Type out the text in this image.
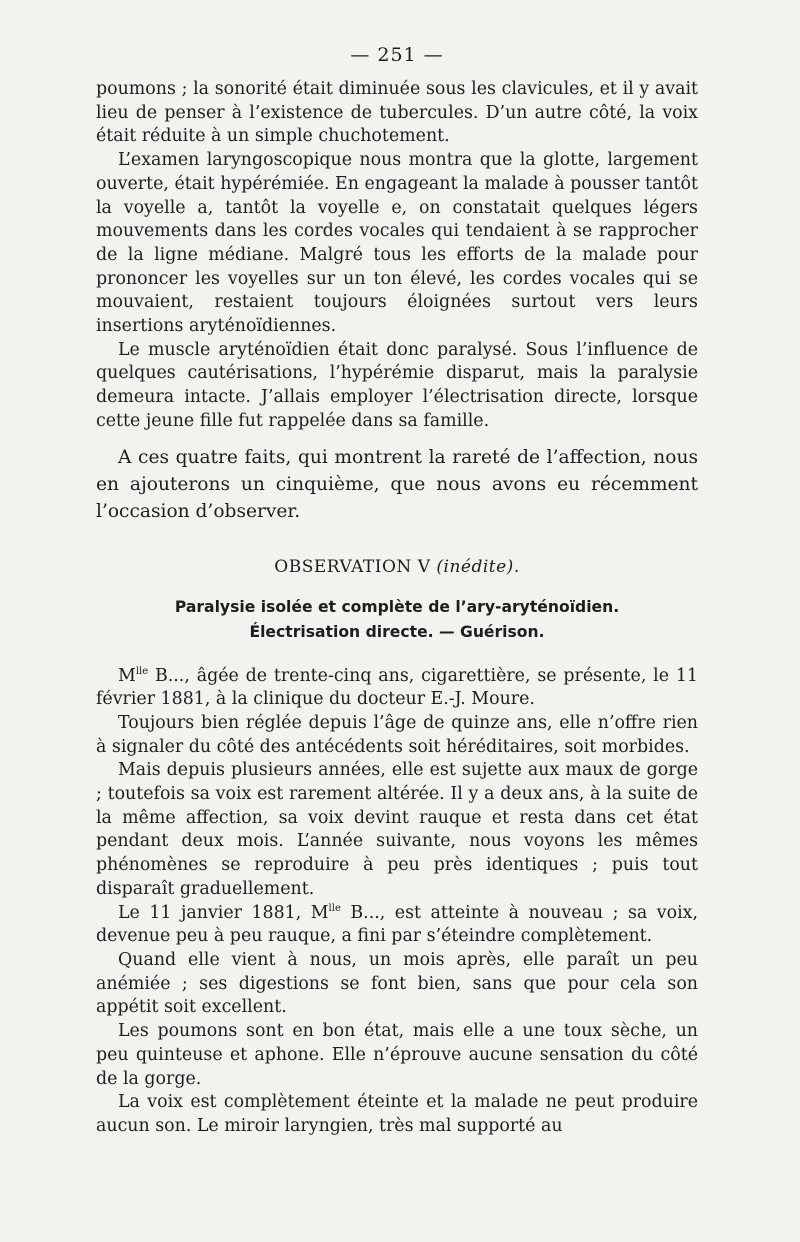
— 251 —

poumons ; la sonorité était diminuée sous les clavicules, et il y avait lieu de penser à l’existence de tubercules. D’un autre côté, la voix était réduite à un simple chuchotement.

L’examen laryngoscopique nous montra que la glotte, largement ouverte, était hypérémiée. En engageant la malade à pousser tantôt la voyelle a, tantôt la voyelle e, on constatait quelques légers mouvements dans les cordes vocales qui tendaient à se rapprocher de la ligne médiane. Malgré tous les efforts de la malade pour prononcer les voyelles sur un ton élevé, les cordes vocales qui se mouvaient, restaient toujours éloignées surtout vers leurs insertions aryténoïdiennes.

Le muscle aryténoïdien était donc paralysé. Sous l’influence de quelques cautérisations, l’hypérémie disparut, mais la paralysie demeura intacte. J’allais employer l’électrisation directe, lorsque cette jeune fille fut rappelée dans sa famille.

A ces quatre faits, qui montrent la rareté de l’affection, nous en ajouterons un cinquième, que nous avons eu récemment l’occasion d’observer.

OBSERVATION V (inédite).
Paralysie isolée et complète de l’ary-aryténoïdien.
Électrisation directe. — Guérison.

$M^{lle}$ B..., âgée de trente-cinq ans, cigarettière, se présente, le 11 février 1881, à la clinique du docteur E.-J. Moure.

Toujours bien réglée depuis l’âge de quinze ans, elle n’offre rien à signaler du côté des antécédents soit héréditaires, soit morbides.

Mais depuis plusieurs années, elle est sujette aux maux de gorge ; toutefois sa voix est rarement altérée. Il y a deux ans, à la suite de la même affection, sa voix devint rauque et resta dans cet état pendant deux mois. L’année suivante, nous voyons les mêmes phénomènes se reproduire à peu près identiques ; puis tout disparaît graduellement.

Le 11 janvier 1881, $M^{lle}$ B..., est atteinte à nouveau ; sa voix, devenue peu à peu rauque, a fini par s’éteindre complètement.

Quand elle vient à nous, un mois après, elle paraît un peu anémiée ; ses digestions se font bien, sans que pour cela son appétit soit excellent.

Les poumons sont en bon état, mais elle a une toux sèche, un peu quinteuse et aphone. Elle n’éprouve aucune sensation du côté de la gorge.

La voix est complètement éteinte et la malade ne peut produire aucun son. Le miroir laryngien, très mal supporté au
